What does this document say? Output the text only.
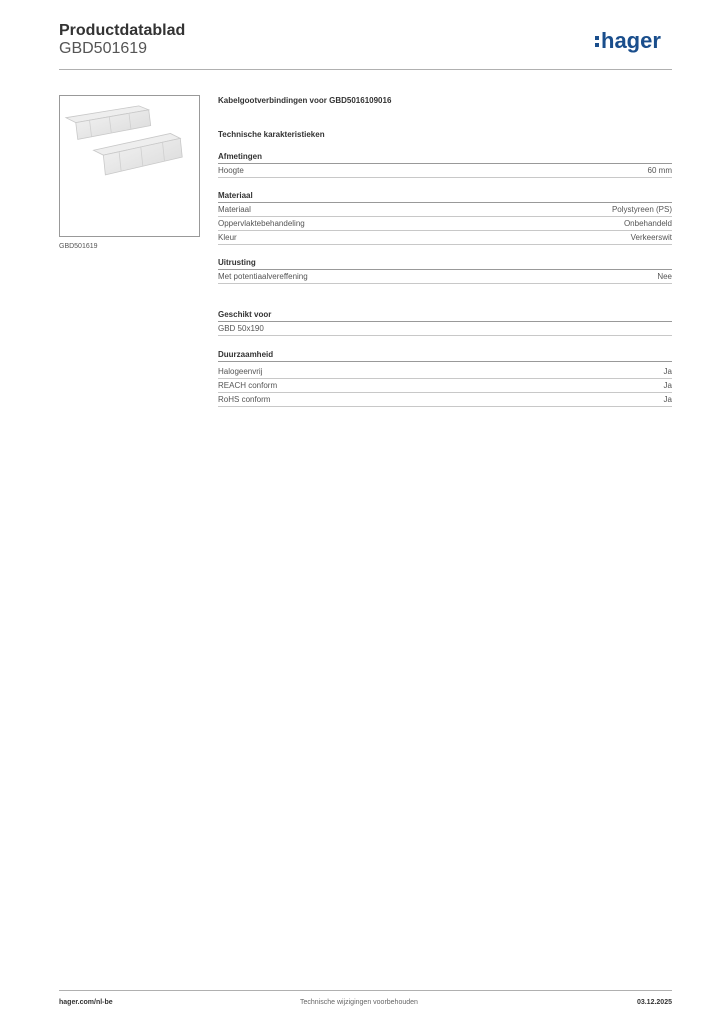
Productdatablad
GBD501619	hager
GBD501619
Kabelgootverbindingen voor GBD5016109016
Technische karakteristieken
Afmetingen
Hoogte	60 mm
Materiaal
Materiaal	Polystyreen (PS)
Oppervlaktebehandeling	Onbehandeld
Kleur	Verkeerswit
Uitrusting
Met potentiaalvereffening	Nee
Geschikt voor
GBD 50x190
Duurzaamheid
Halogeenvrij	Ja
REACH conform	Ja
RoHS conform	Ja
hager.com/nl-be	Technische wijzigingen voorbehouden	03.12.2025
